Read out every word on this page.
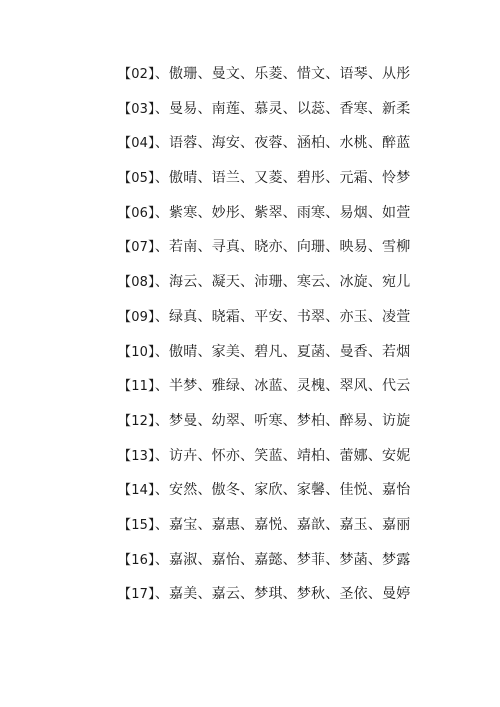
【02】、傲珊、曼文、乐菱、惜文、语琴、从彤
【03】、曼易、南莲、慕灵、以蕊、香寒、新柔
【04】、语蓉、海安、夜蓉、涵柏、水桃、醉蓝
【05】、傲晴、语兰、又菱、碧彤、元霜、怜梦
【06】、紫寒、妙彤、紫翠、雨寒、易烟、如萱
【07】、若南、寻真、晓亦、向珊、映易、雪柳
【08】、海云、凝天、沛珊、寒云、冰旋、宛儿
【09】、绿真、晓霜、平安、书翠、亦玉、凌萱
【10】、傲晴、家美、碧凡、夏菡、曼香、若烟
【11】、半梦、雅绿、冰蓝、灵槐、翠风、代云
【12】、梦曼、幼翠、听寒、梦柏、醉易、访旋
【13】、访卉、怀亦、笑蓝、靖柏、蕾娜、安妮
【14】、安然、傲冬、家欣、家馨、佳悦、嘉怡
【15】、嘉宝、嘉惠、嘉悦、嘉歆、嘉玉、嘉丽
【16】、嘉淑、嘉怡、嘉懿、梦菲、梦菡、梦露
【17】、嘉美、嘉云、梦琪、梦秋、圣依、曼婷
